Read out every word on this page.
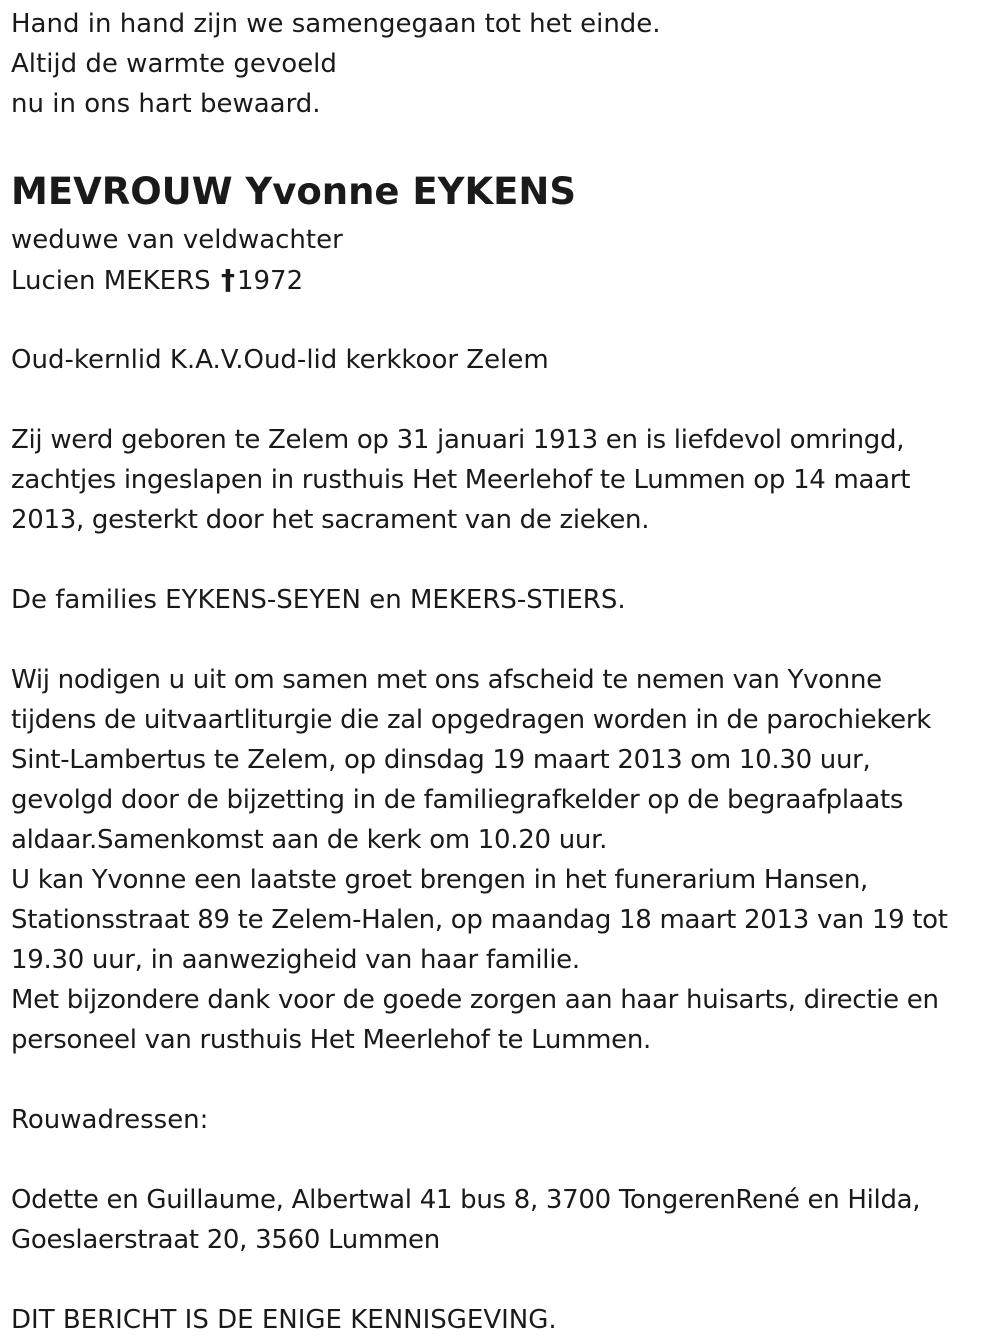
Hand in hand zijn we samengegaan tot het einde.
Altijd de warmte gevoeld
nu in ons hart bewaard.
MEVROUW Yvonne EYKENS
weduwe van veldwachter
Lucien MEKERS †1972
Oud-kernlid K.A.V.Oud-lid kerkkoor Zelem
Zij werd geboren te Zelem op 31 januari 1913 en is liefdevol omringd,
zachtjes ingeslapen in rusthuis Het Meerlehof te Lummen op 14 maart
2013, gesterkt door het sacrament van de zieken.
De families EYKENS-SEYEN en MEKERS-STIERS.
Wij nodigen u uit om samen met ons afscheid te nemen van Yvonne
tijdens de uitvaartliturgie die zal opgedragen worden in de parochiekerk
Sint-Lambertus te Zelem, op dinsdag 19 maart 2013 om 10.30 uur,
gevolgd door de bijzetting in de familiegrafkelder op de begraafplaats
aldaar.Samenkomst aan de kerk om 10.20 uur.
U kan Yvonne een laatste groet brengen in het funerarium Hansen,
Stationsstraat 89 te Zelem-Halen, op maandag 18 maart 2013 van 19 tot
19.30 uur, in aanwezigheid van haar familie.
Met bijzondere dank voor de goede zorgen aan haar huisarts, directie en
personeel van rusthuis Het Meerlehof te Lummen.
Rouwadressen:
Odette en Guillaume, Albertwal 41 bus 8, 3700 TongerenRené en Hilda,
Goeslaerstraat 20, 3560 Lummen
DIT BERICHT IS DE ENIGE KENNISGEVING.
